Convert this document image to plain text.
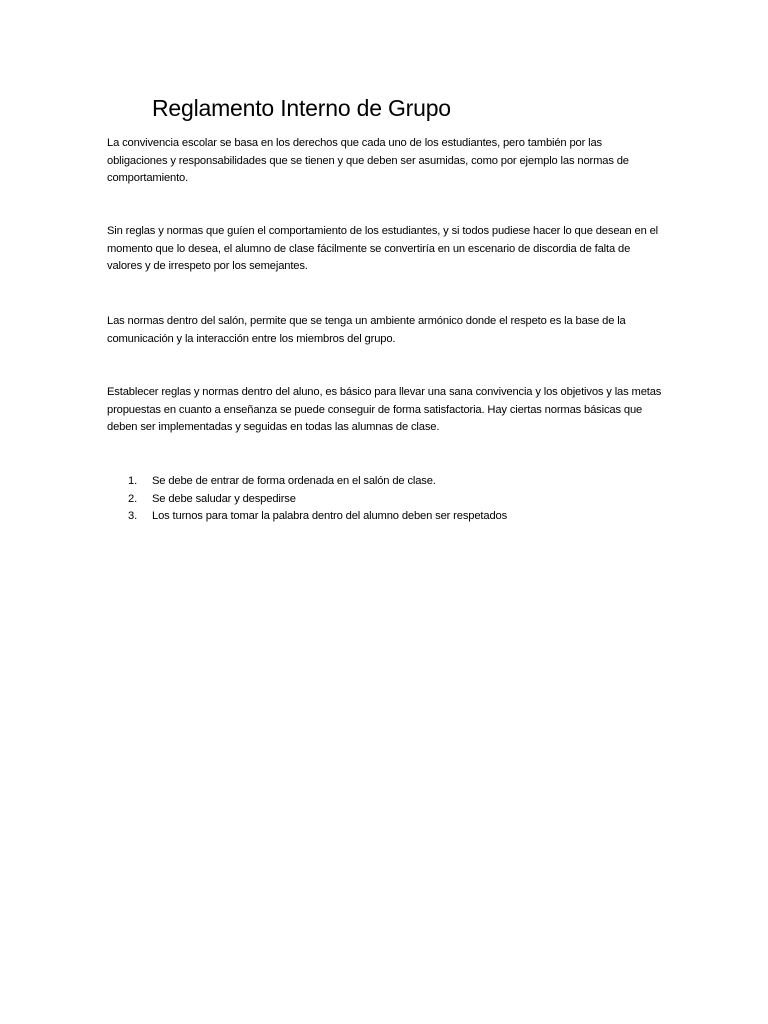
Reglamento Interno de Grupo

La convivencia escolar se basa en los derechos que cada uno de los estudiantes, pero también por las obligaciones y responsabilidades que se tienen y que deben ser asumidas, como por ejemplo las normas de comportamiento.

Sin reglas y normas que guíen el comportamiento de los estudiantes, y si todos pudiese hacer lo que desean en el momento que lo desea, el alumno de clase fácilmente se convertiría en un escenario de discordia de falta de valores y de irrespeto por los semejantes.

Las normas dentro del salón, permite que se tenga un ambiente armónico donde el respeto es la base de la comunicación y la interacción entre los miembros del grupo.

Establecer reglas y normas dentro del aluno, es básico para llevar una sana convivencia y los objetivos y las metas propuestas en cuanto a enseñanza se puede conseguir de forma satisfactoria. Hay ciertas normas básicas que deben ser implementadas y seguidas en todas las alumnas de clase.

1. Se debe de entrar de forma ordenada en el salón de clase.
2. Se debe saludar y despedirse
3. Los turnos para tomar la palabra dentro del alumno deben ser respetados
